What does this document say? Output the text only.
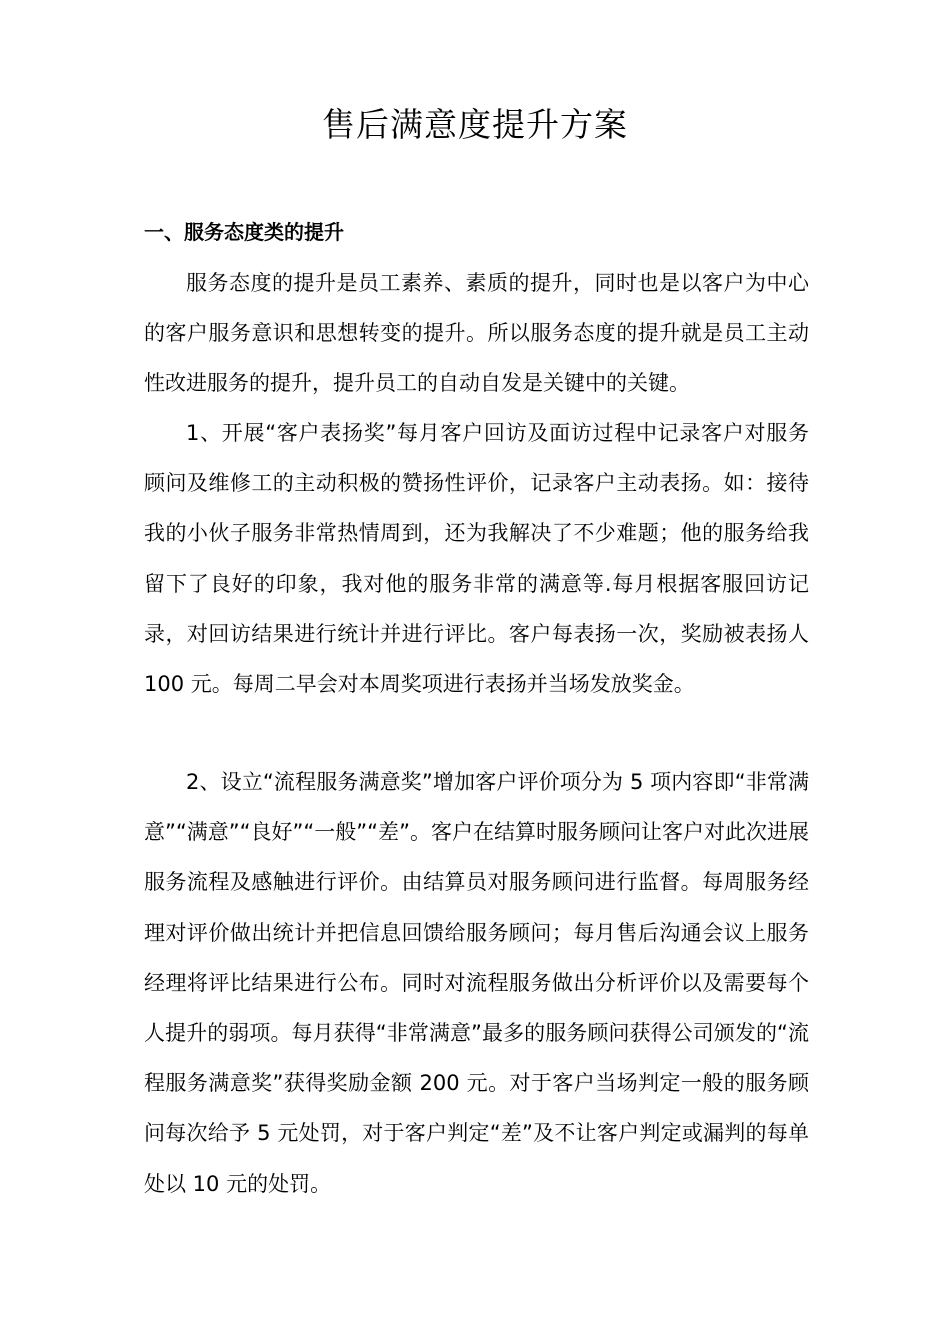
售后满意度提升方案
一、服务态度类的提升

服务态度的提升是员工素养、素质的提升，同时也是以客户为中心的客户服务意识和思想转变的提升。所以服务态度的提升就是员工主动性改进服务的提升，提升员工的自动自发是关键中的关键。

1、开展“客户表扬奖”每月客户回访及面访过程中记录客户对服务顾问及维修工的主动积极的赞扬性评价，记录客户主动表扬。如：接待我的小伙子服务非常热情周到，还为我解决了不少难题；他的服务给我留下了良好的印象，我对他的服务非常的满意等.每月根据客服回访记录，对回访结果进行统计并进行评比。客户每表扬一次，奖励被表扬人 100 元。每周二早会对本周奖项进行表扬并当场发放奖金。

2、设立“流程服务满意奖”增加客户评价项分为 5 项内容即“非常满意”“满意”“良好”“一般”“差”。客户在结算时服务顾问让客户对此次进展服务流程及感触进行评价。由结算员对服务顾问进行监督。每周服务经理对评价做出统计并把信息回馈给服务顾问；每月售后沟通会议上服务经理将评比结果进行公布。同时对流程服务做出分析评价以及需要每个人提升的弱项。每月获得“非常满意”最多的服务顾问获得公司颁发的“流程服务满意奖”获得奖励金额 200 元。对于客户当场判定一般的服务顾问每次给予 5 元处罚，对于客户判定“差”及不让客户判定或漏判的每单处以 10 元的处罚。
